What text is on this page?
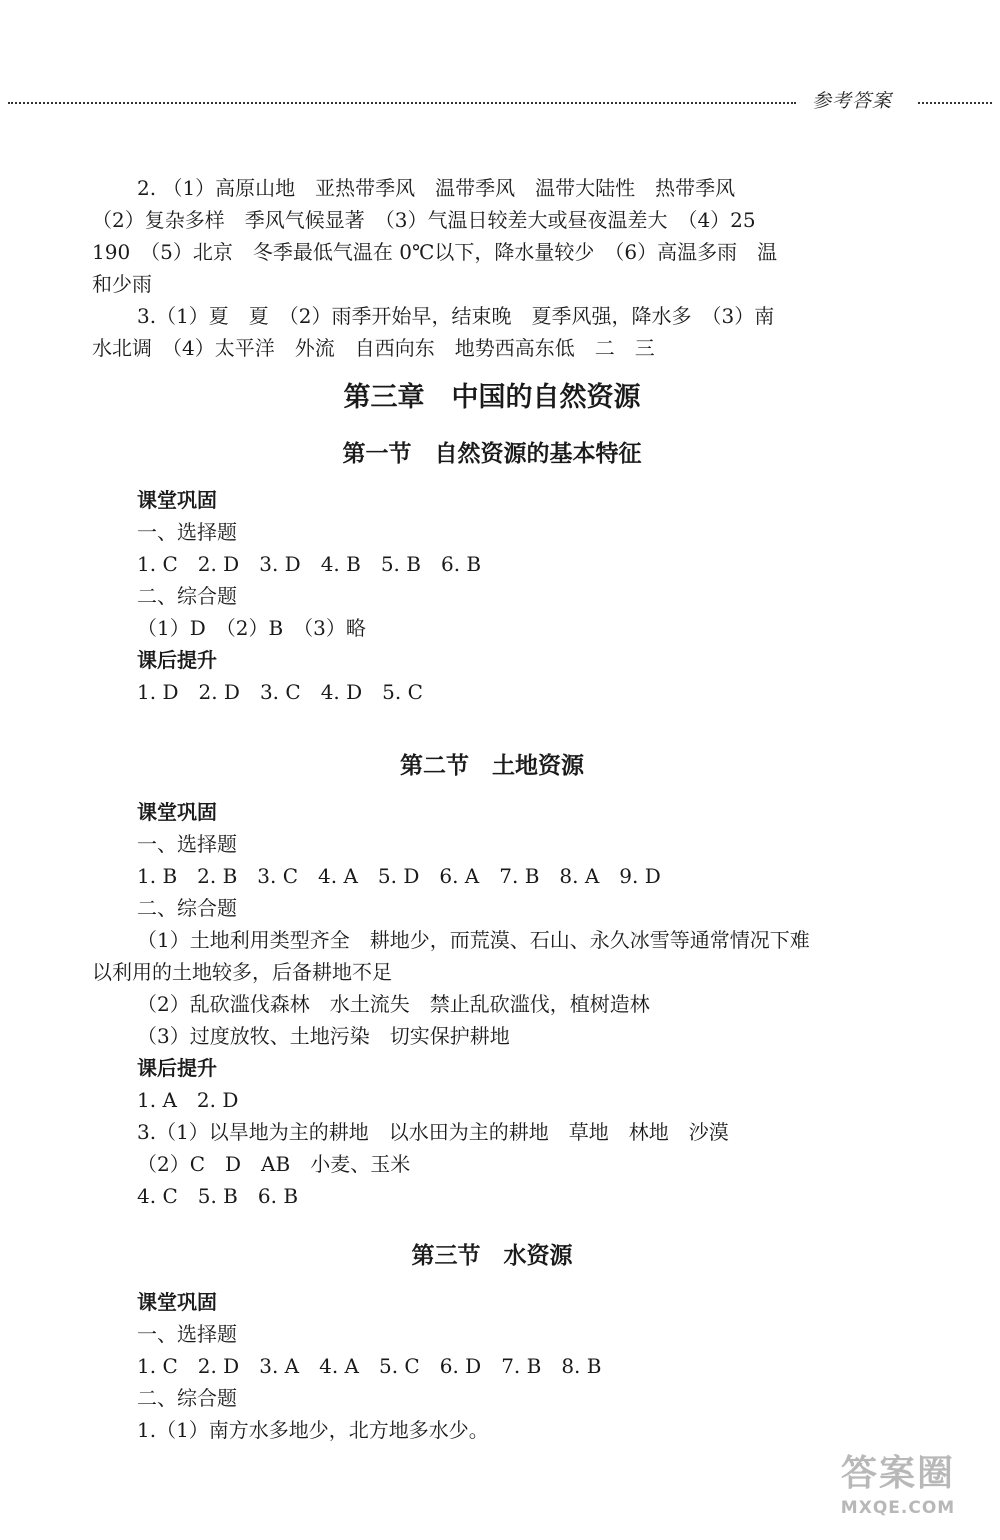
参考答案

2. （1）高原山地　亚热带季风　温带季风　温带大陆性　热带季风

（2）复杂多样　季风气候显著　（3）气温日较差大或昼夜温差大　（4）25

190　（5）北京　冬季最低气温在 0℃以下，降水量较少　（6）高温多雨　温

和少雨

3.（1）夏　夏　（2）雨季开始早，结束晚　夏季风强，降水多　（3）南

水北调　（4）太平洋　外流　自西向东　地势西高东低　二　三

第三章　中国的自然资源
第一节　自然资源的基本特征

课堂巩固

一、选择题

1. C　2. D　3. D　4. B　5. B　6. B

二、综合题

（1）D　（2）B　（3）略

课后提升

1. D　2. D　3. C　4. D　5. C

第二节　土地资源

课堂巩固

一、选择题

1. B　2. B　3. C　4. A　5. D　6. A　7. B　8. A　9. D

二、综合题

（1）土地利用类型齐全　耕地少，而荒漠、石山、永久冰雪等通常情况下难

以利用的土地较多，后备耕地不足

（2）乱砍滥伐森林　水土流失　禁止乱砍滥伐，植树造林

（3）过度放牧、土地污染　切实保护耕地

课后提升

1. A　2. D

3.（1）以旱地为主的耕地　以水田为主的耕地　草地　林地　沙漠

（2）C　D　AB　小麦、玉米

4. C　5. B　6. B

第三节　水资源

课堂巩固

一、选择题

1. C　2. D　3. A　4. A　5. C　6. D　7. B　8. B

二、综合题

1.（1）南方水多地少，北方地多水少。

答案圈
MXQE.COM
